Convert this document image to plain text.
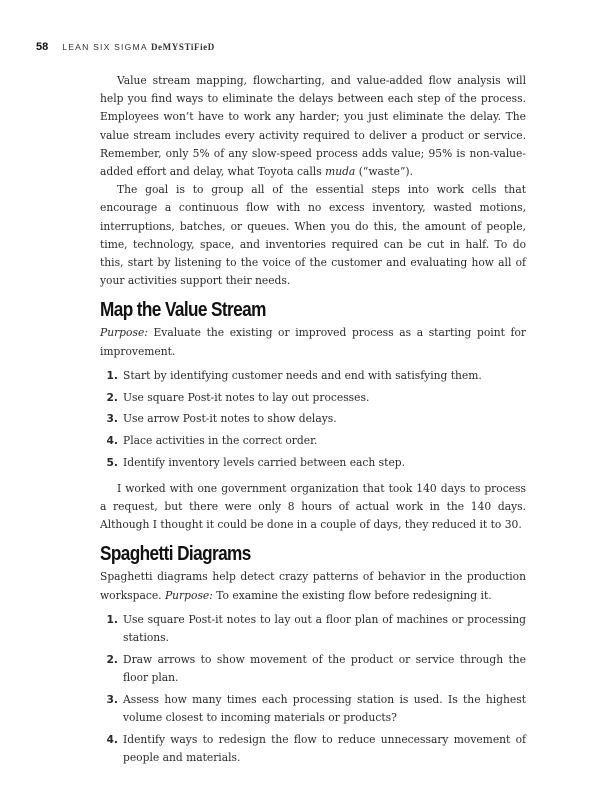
58 LEAN SIX SIGMA DeMYSTiFieD

Value stream mapping, flowcharting, and value-added flow analysis will help you find ways to eliminate the delays between each step of the process. Employees won’t have to work any harder; you just eliminate the delay. The value stream includes every activity required to deliver a product or service. Remember, only 5% of any slow-speed process adds value; 95% is non-value-added effort and delay, what Toyota calls muda (“waste”).

The goal is to group all of the essential steps into work cells that encourage a continuous flow with no excess inventory, wasted motions, interruptions, batches, or queues. When you do this, the amount of people, time, technology, space, and inventories required can be cut in half. To do this, start by listening to the voice of the customer and evaluating how all of your activities support their needs.

Map the Value Stream

Purpose: Evaluate the existing or improved process as a starting point for improvement.

1. Start by identifying customer needs and end with satisfying them.
2. Use square Post-it notes to lay out processes.
3. Use arrow Post-it notes to show delays.
4. Place activities in the correct order.
5. Identify inventory levels carried between each step.

I worked with one government organization that took 140 days to process a request, but there were only 8 hours of actual work in the 140 days. Although I thought it could be done in a couple of days, they reduced it to 30.

Spaghetti Diagrams

Spaghetti diagrams help detect crazy patterns of behavior in the production workspace. Purpose: To examine the existing flow before redesigning it.

1. Use square Post-it notes to lay out a floor plan of machines or processing stations.
2. Draw arrows to show movement of the product or service through the floor plan.
3. Assess how many times each processing station is used. Is the highest volume closest to incoming materials or products?
4. Identify ways to redesign the flow to reduce unnecessary movement of people and materials.
